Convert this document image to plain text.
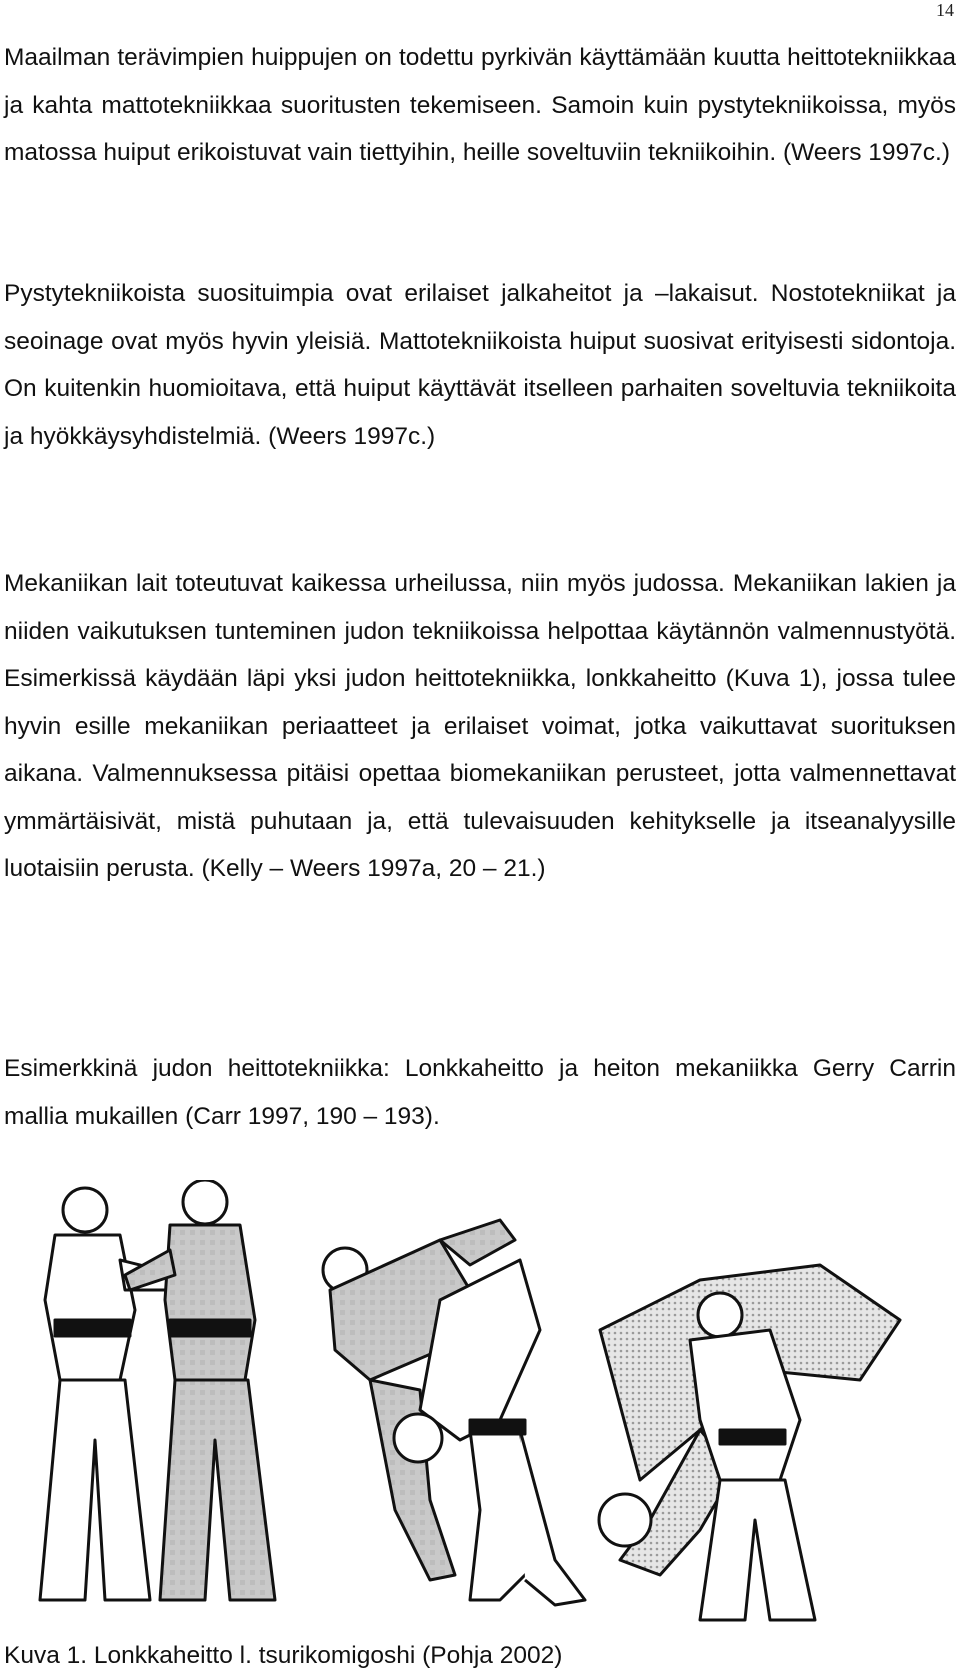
14

Maailman terävimpien huippujen on todettu pyrkivän käyttämään kuutta heittotekniikkaa ja kahta mattotekniikkaa suoritusten tekemiseen. Samoin kuin pystytekniikoissa, myös matossa huiput erikoistuvat vain tiettyihin, heille soveltuviin tekniikoihin. (Weers 1997c.)

Pystytekniikoista suosituimpia ovat erilaiset jalkaheitot ja –lakaisut. Nostotekniikat ja seoinage ovat myös hyvin yleisiä. Mattotekniikoista huiput suosivat erityisesti sidontoja. On kuitenkin huomioitava, että huiput käyttävät itselleen parhaiten soveltuvia tekniikoita ja hyökkäysyhdistelmiä. (Weers 1997c.)

Mekaniikan lait toteutuvat kaikessa urheilussa, niin myös judossa. Mekaniikan lakien ja niiden vaikutuksen tunteminen judon tekniikoissa helpottaa käytännön valmennustyötä. Esimerkissä käydään läpi yksi judon heittotekniikka, lonkkaheitto (Kuva 1), jossa tulee hyvin esille mekaniikan periaatteet ja erilaiset voimat, jotka vaikuttavat suorituksen aikana. Valmennuksessa pitäisi opettaa biomekaniikan perusteet, jotta valmennettavat ymmärtäisivät, mistä puhutaan ja, että tulevaisuuden kehitykselle ja itseanalyysille luotaisiin perusta. (Kelly – Weers 1997a, 20 – 21.)

Esimerkkinä judon heittotekniikka: Lonkkaheitto ja heiton mekaniikka Gerry Carrin mallia mukaillen (Carr 1997, 190 – 193).

Kuva 1. Lonkkaheitto l. tsurikomigoshi (Pohja 2002)
